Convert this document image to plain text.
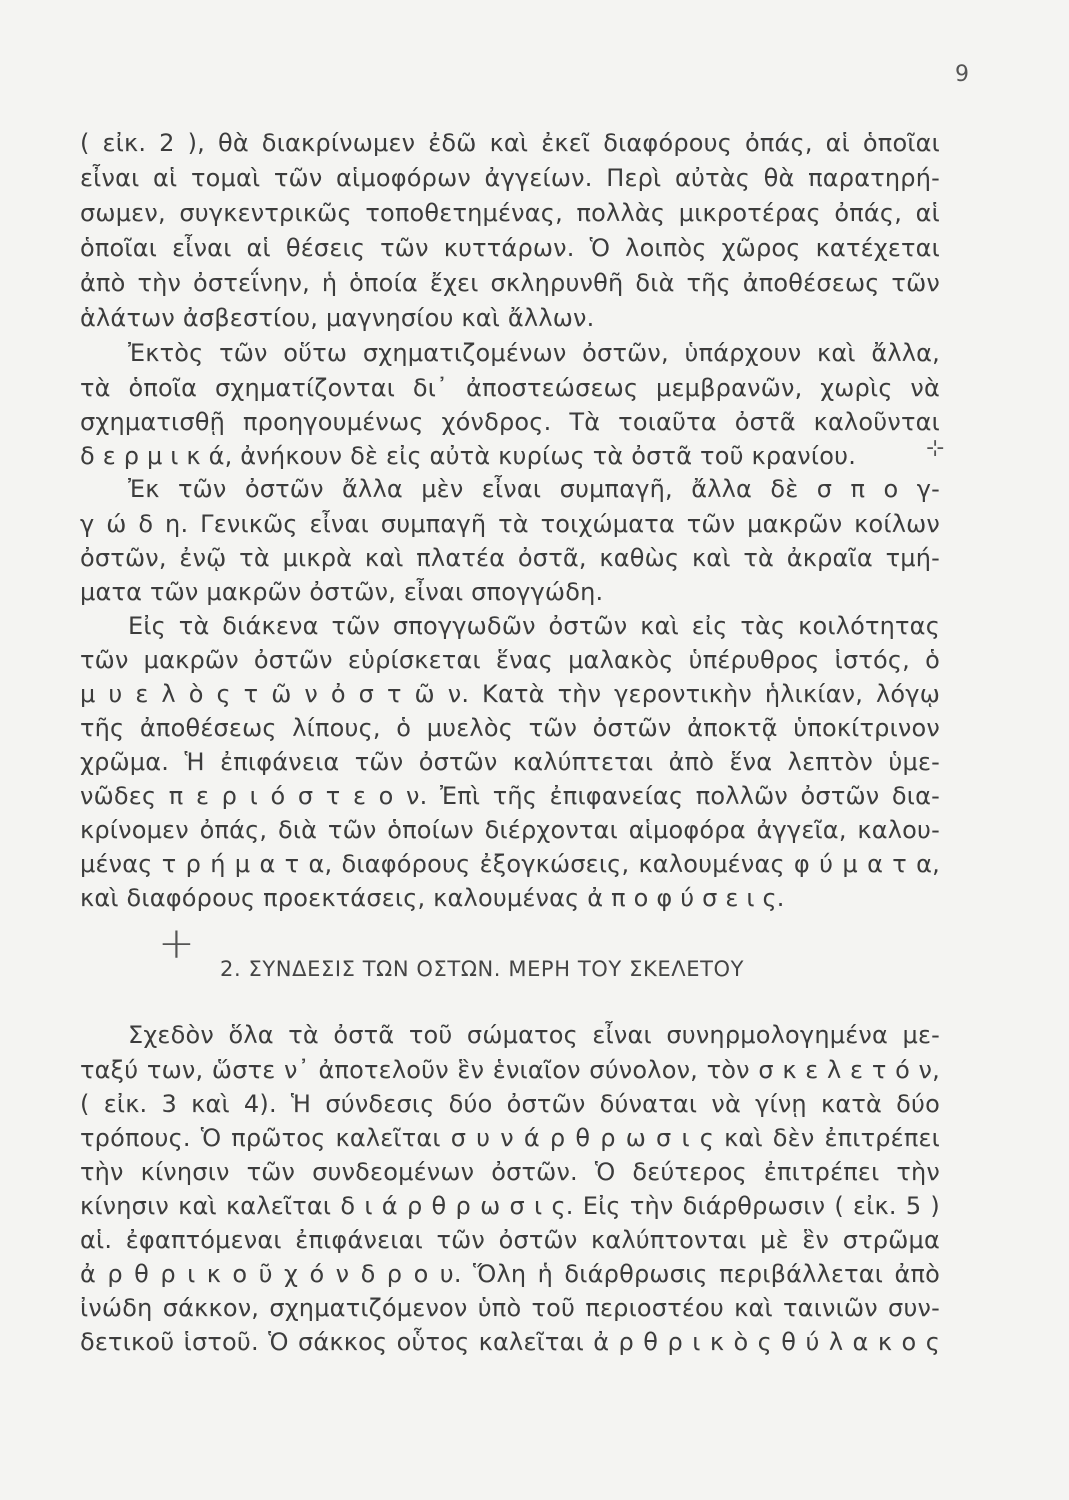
9
( εἰκ. 2 ), θὰ διακρίνωμεν ἐδῶ καὶ ἐκεῖ διαφόρους ὀπάς, αἱ ὁποῖαι
εἶναι αἱ τομαὶ τῶν αἱμοφόρων ἀγγείων. Περὶ αὐτὰς θὰ παρατηρή-
σωμεν, συγκεντρικῶς τοποθετημένας, πολλὰς μικροτέρας ὀπάς, αἱ
ὁποῖαι εἶναι αἱ θέσεις τῶν κυττάρων. Ὁ λοιπὸς χῶρος κατέχεται
ἀπὸ τὴν ὀστεΐνην, ἡ ὁποία ἔχει σκληρυνθῆ διὰ τῆς ἀποθέσεως τῶν
ἁλάτων ἀσβεστίου, μαγνησίου καὶ ἄλλων.
Ἐκτὸς τῶν οὕτω σχηματιζομένων ὀστῶν, ὑπάρχουν καὶ ἄλλα,
τὰ ὁποῖα σχηματίζονται δι᾽ ἀποστεώσεως μεμβρανῶν, χωρὶς νὰ
σχηματισθῇ προηγουμένως χόνδρος. Τὰ τοιαῦτα ὀστᾶ καλοῦνται
δ ε ρ μ ι κ ά, ἀνήκουν δὲ εἰς αὐτὰ κυρίως τὰ ὀστᾶ τοῦ κρανίου.	⊹
Ἐκ τῶν ὀστῶν ἄλλα μὲν εἶναι συμπαγῆ, ἄλλα δὲ σ π ο γ-
γ ώ δ η. Γενικῶς εἶναι συμπαγῆ τὰ τοιχώματα τῶν μακρῶν κοίλων
ὀστῶν, ἐνῷ τὰ μικρὰ καὶ πλατέα ὀστᾶ, καθὼς καὶ τὰ ἀκραῖα τμή-
ματα τῶν μακρῶν ὀστῶν, εἶναι σπογγώδη.
Εἰς τὰ διάκενα τῶν σπογγωδῶν ὀστῶν καὶ εἰς τὰς κοιλότητας
τῶν μακρῶν ὀστῶν εὑρίσκεται ἕνας μαλακὸς ὑπέρυθρος ἱστός, ὁ
μ υ ε λ ὸ ς τ ῶ ν ὀ σ τ ῶ ν. Κατὰ τὴν γεροντικὴν ἡλικίαν, λόγῳ
τῆς ἀποθέσεως λίπους, ὁ μυελὸς τῶν ὀστῶν ἀποκτᾷ ὑποκίτρινον
χρῶμα. Ἡ ἐπιφάνεια τῶν ὀστῶν καλύπτεται ἀπὸ ἕνα λεπτὸν ὑμε-
νῶδες π ε ρ ι ό σ τ ε ο ν. Ἐπὶ τῆς ἐπιφανείας πολλῶν ὀστῶν δια-
κρίνομεν ὀπάς, διὰ τῶν ὁποίων διέρχονται αἱμοφόρα ἀγγεῖα, καλου-
μένας τ ρ ή μ α τ α, διαφόρους ἐξογκώσεις, καλουμένας φ ύ μ α τ α,
καὶ διαφόρους προεκτάσεις, καλουμένας ἀ π ο φ ύ σ ε ι ς.
+ 2. ΣΥΝΔΕΣΙΣ ΤΩΝ ΟΣΤΩΝ. ΜΕΡΗ ΤΟΥ ΣΚΕΛΕΤΟΥ
Σχεδὸν ὅλα τὰ ὀστᾶ τοῦ σώματος εἶναι συνηρμολογημένα με-
ταξύ των, ὥστε ν᾽ ἀποτελοῦν ἓν ἑνιαῖον σύνολον, τὸν σ κ ε λ ε τ ό ν,
( εἰκ. 3 καὶ 4). Ἡ σύνδεσις δύο ὀστῶν δύναται νὰ γίνῃ κατὰ δύο
τρόπους. Ὁ πρῶτος καλεῖται σ υ ν ά ρ θ ρ ω σ ι ς καὶ δὲν ἐπιτρέπει
τὴν κίνησιν τῶν συνδεομένων ὀστῶν. Ὁ δεύτερος ἐπιτρέπει τὴν
κίνησιν καὶ καλεῖται δ ι ά ρ θ ρ ω σ ι ς. Εἰς τὴν διάρθρωσιν ( εἰκ. 5 )
αἱ. ἐφαπτόμεναι ἐπιφάνειαι τῶν ὀστῶν καλύπτονται μὲ ἓν στρῶμα
ἀ ρ θ ρ ι κ ο ῦ χ ό ν δ ρ ο υ. Ὅλη ἡ διάρθρωσις περιβάλλεται ἀπὸ
ἰνώδη σάκκον, σχηματιζόμενον ὑπὸ τοῦ περιοστέου καὶ ταινιῶν συν-
δετικοῦ ἱστοῦ. Ὁ σάκκος οὗτος καλεῖται ἀ ρ θ ρ ι κ ὸ ς θ ύ λ α κ ο ς
